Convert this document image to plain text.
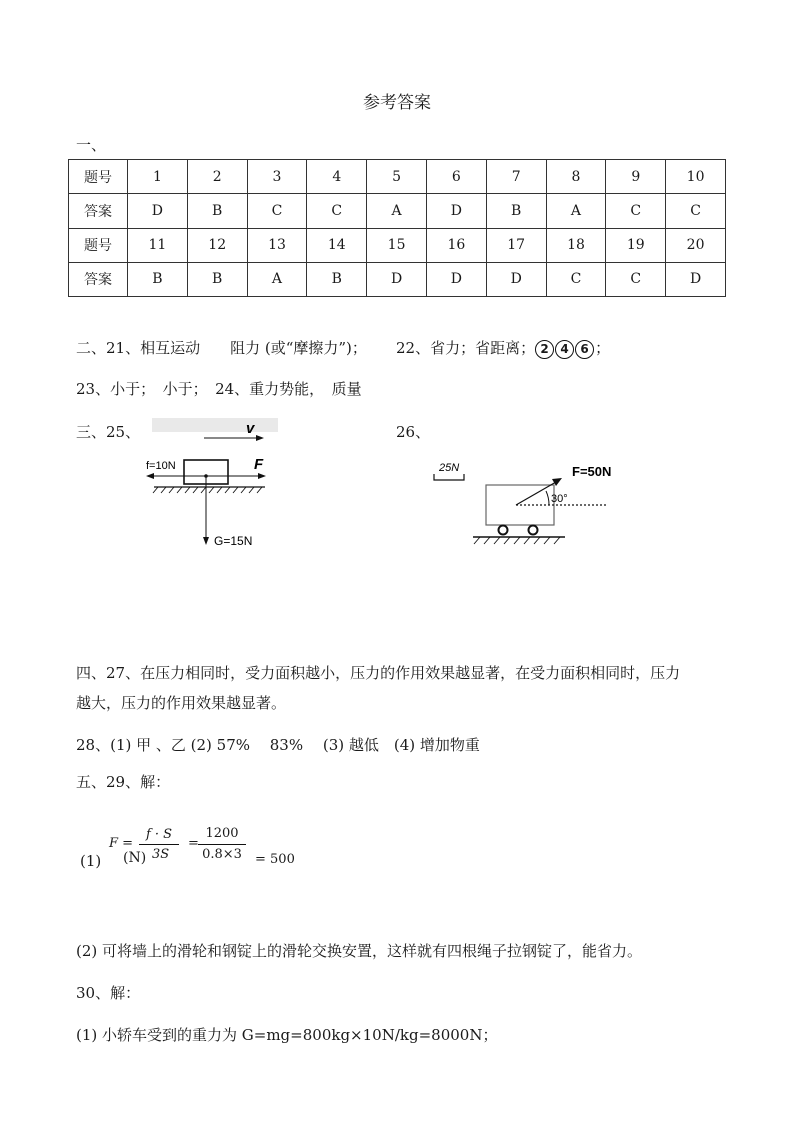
参考答案
一、
题号	1	2	3	4	5	6	7	8	9	10
答案	D	B	C	C	A	D	B	A	C	C
题号	11	12	13	14	15	16	17	18	19	20
答案	B	B	A	B	D	D	D	C	C	D
二、21、相互运动　　阻力 (或“摩擦力”)； 22、省力；省距离； 2 4 6 ；
23、小于；　小于；　24、重力势能，　质量
三、25、	26、
v
f=10N	F
G=15N
25N
30°
F=50N
四、27、在压力相同时，受力面积越小，压力的作用效果越显著，在受力面积相同时，压力
越大，压力的作用效果越显著。
28、(1) 甲 、乙 (2) 57%　 83%　 (3) 越低　(4) 增加物重
五、29、解：
(1) (N)
F =
f · S
3S
=
1200
0.8×3	= 500
(2) 可将墙上的滑轮和钢锭上的滑轮交换安置，这样就有四根绳子拉钢锭了，能省力。
30、解：
(1) 小轿车受到的重力为 G=mg=800kg×10N/kg=8000N；
